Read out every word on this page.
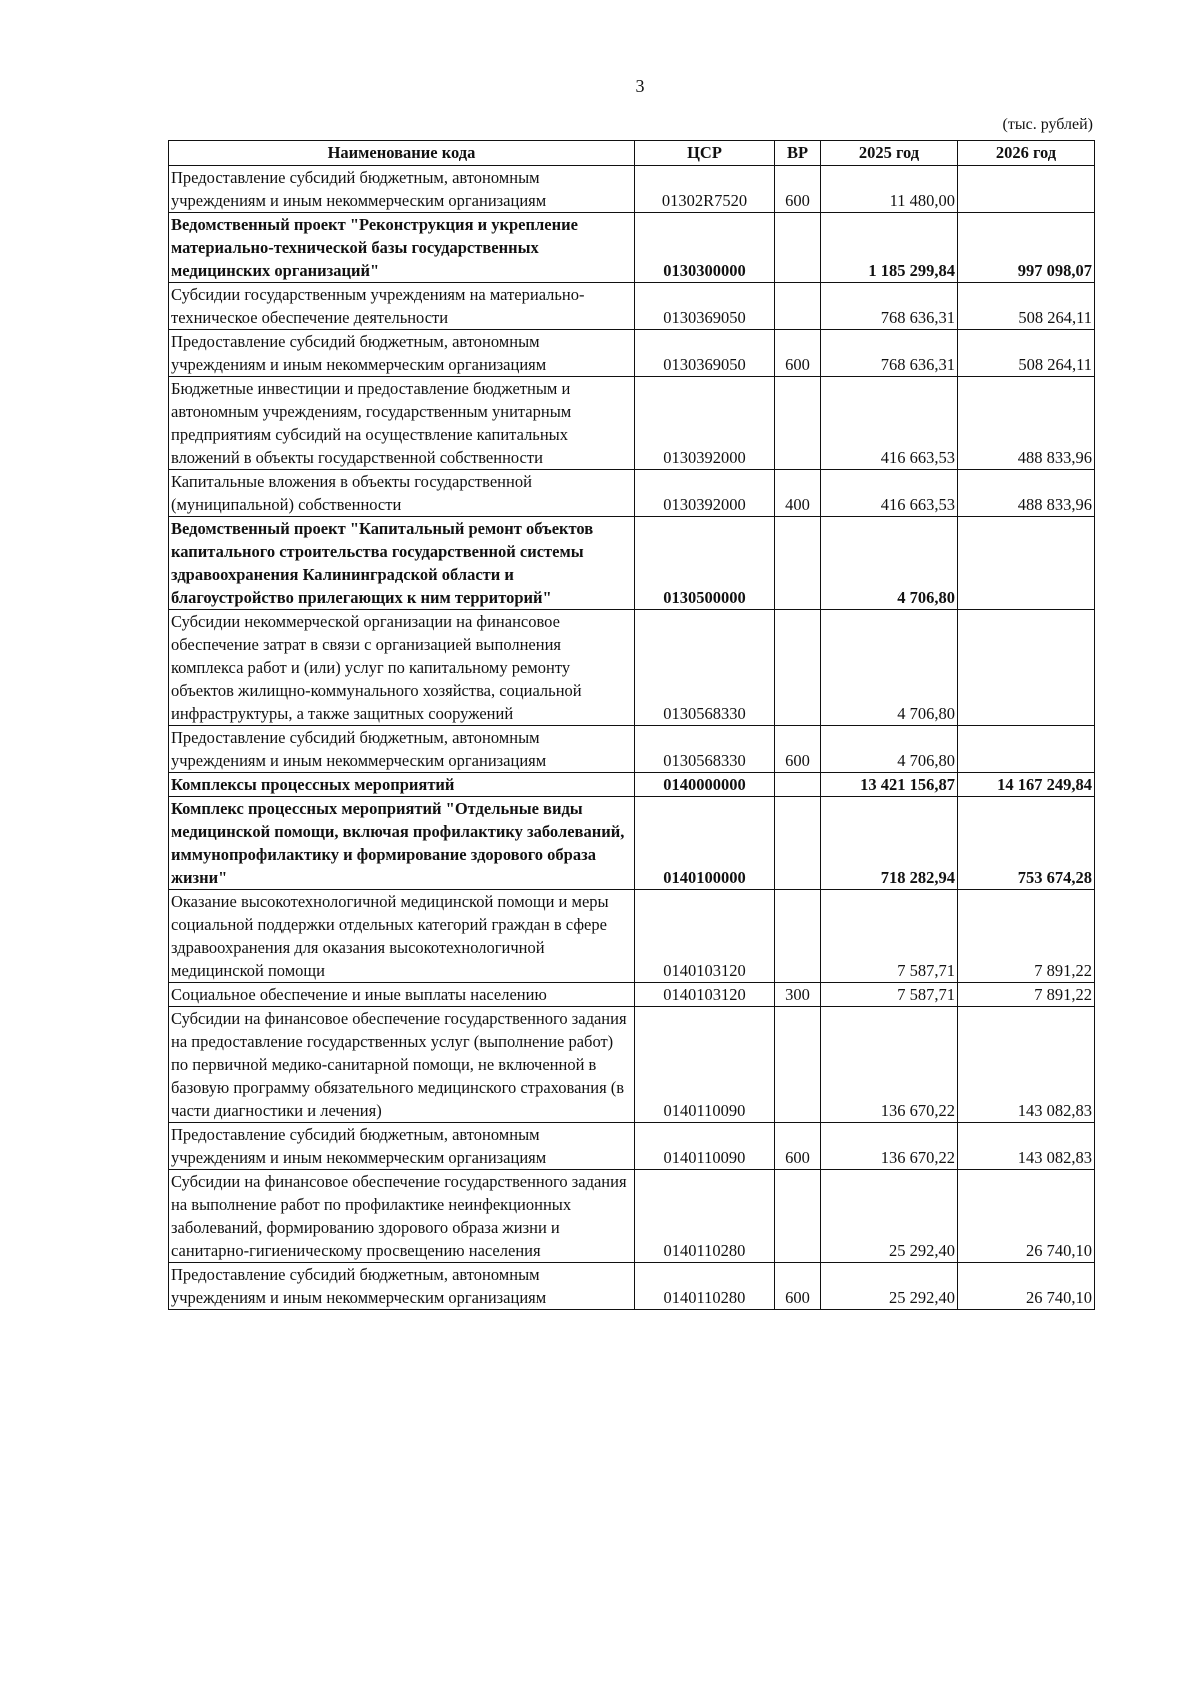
3
(тыс. рублей)
Наименование кода	ЦСР	ВР	2025 год	2026 год
Предоставление субсидий бюджетным, автономным учреждениям и иным некоммерческим организациям	01302R7520	600	11 480,00	
Ведомственный проект "Реконструкция и укрепление материально-технической базы государственных медицинских организаций"	0130300000		1 185 299,84	997 098,07
Субсидии государственным учреждениям на материально-техническое обеспечение деятельности	0130369050		768 636,31	508 264,11
Предоставление субсидий бюджетным, автономным учреждениям и иным некоммерческим организациям	0130369050	600	768 636,31	508 264,11
Бюджетные инвестиции и предоставление бюджетным и автономным учреждениям, государственным унитарным предприятиям субсидий на осуществление капитальных вложений в объекты государственной собственности	0130392000		416 663,53	488 833,96
Капитальные вложения в объекты государственной (муниципальной) собственности	0130392000	400	416 663,53	488 833,96
Ведомственный проект "Капитальный ремонт объектов капитального строительства государственной системы здравоохранения Калининградской области и благоустройство прилегающих к ним территорий"	0130500000		4 706,80	
Субсидии некоммерческой организации на финансовое обеспечение затрат в связи с организацией выполнения комплекса работ и (или) услуг по капитальному ремонту объектов жилищно-коммунального хозяйства, социальной инфраструктуры, а также защитных сооружений	0130568330		4 706,80	
Предоставление субсидий бюджетным, автономным учреждениям и иным некоммерческим организациям	0130568330	600	4 706,80	
Комплексы процессных мероприятий	0140000000		13 421 156,87	14 167 249,84
Комплекс процессных мероприятий "Отдельные виды медицинской помощи, включая профилактику заболеваний, иммунопрофилактику и формирование здорового образа жизни"	0140100000		718 282,94	753 674,28
Оказание высокотехнологичной медицинской помощи и меры социальной поддержки отдельных категорий граждан в сфере здравоохранения для оказания высокотехнологичной медицинской помощи	0140103120		7 587,71	7 891,22
Социальное обеспечение и иные выплаты населению	0140103120	300	7 587,71	7 891,22
Субсидии на финансовое обеспечение государственного задания на предоставление государственных услуг (выполнение работ) по первичной медико-санитарной помощи, не включенной в базовую программу обязательного медицинского страхования (в части диагностики и лечения)	0140110090		136 670,22	143 082,83
Предоставление субсидий бюджетным, автономным учреждениям и иным некоммерческим организациям	0140110090	600	136 670,22	143 082,83
Субсидии на финансовое обеспечение государственного задания на выполнение работ по профилактике неинфекционных заболеваний, формированию здорового образа жизни и санитарно-гигиеническому просвещению населения	0140110280		25 292,40	26 740,10
Предоставление субсидий бюджетным, автономным учреждениям и иным некоммерческим организациям	0140110280	600	25 292,40	26 740,10
